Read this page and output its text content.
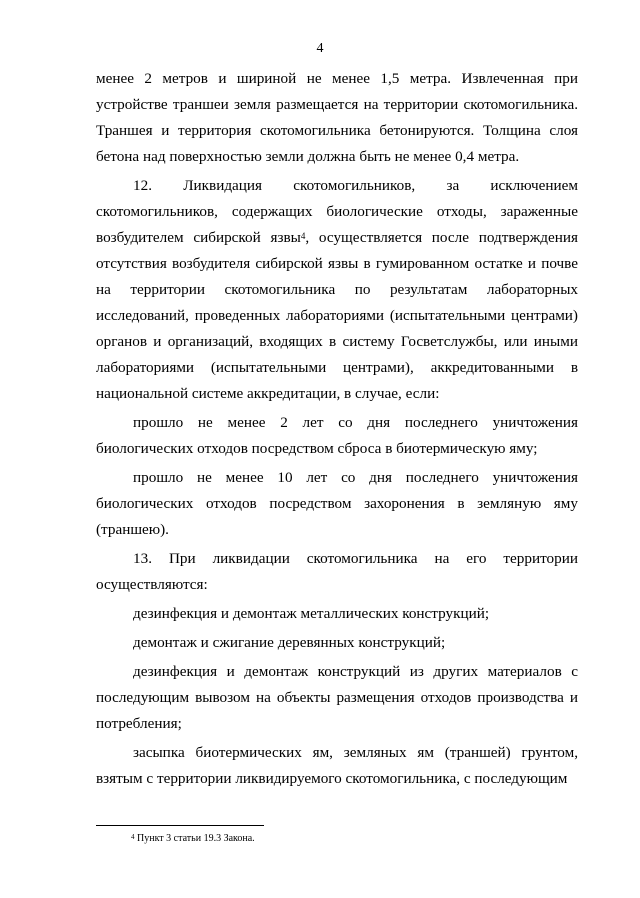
4

менее 2 метров и шириной не менее 1,5 метра. Извлеченная при устройстве траншеи земля размещается на территории скотомогильника. Траншея и территория скотомогильника бетонируются. Толщина слоя бетона над поверхностью земли должна быть не менее 0,4 метра.

12. Ликвидация скотомогильников, за исключением скотомогильников, содержащих биологические отходы, зараженные возбудителем сибирской язвы$^4$, осуществляется после подтверждения отсутствия возбудителя сибирской язвы в гумированном остатке и почве на территории скотомогильника по результатам лабораторных исследований, проведенных лабораториями (испытательными центрами) органов и организаций, входящих в систему Госветслужбы, или иными лабораториями (испытательными центрами), аккредитованными в национальной системе аккредитации, в случае, если:

прошло не менее 2 лет со дня последнего уничтожения биологических отходов посредством сброса в биотермическую яму;

прошло не менее 10 лет со дня последнего уничтожения биологических отходов посредством захоронения в земляную яму (траншею).

13. При ликвидации скотомогильника на его территории осуществляются:

дезинфекция и демонтаж металлических конструкций;

демонтаж и сжигание деревянных конструкций;

дезинфекция и демонтаж конструкций из других материалов с последующим вывозом на объекты размещения отходов производства и потребления;

засыпка биотермических ям, земляных ям (траншей) грунтом, взятым с территории ликвидируемого скотомогильника, с последующим

$^4$ Пункт 3 статьи 19.3 Закона.
